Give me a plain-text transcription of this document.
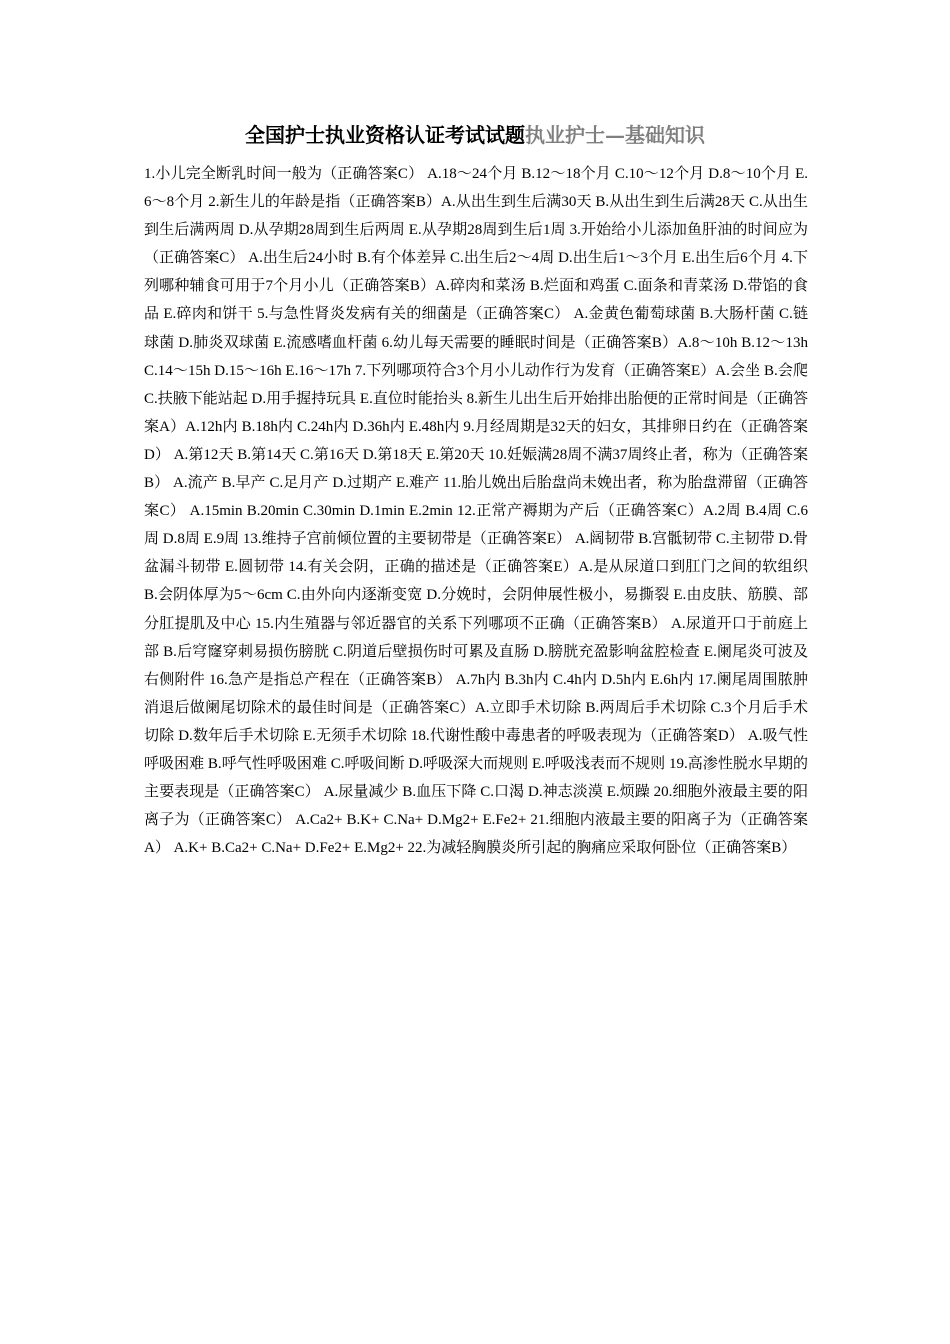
全国护士执业资格认证考试试题执业护士—基础知识

1.小儿完全断乳时间一般为（正确答案C） A.18～24个月 B.12～18个月 C.10～12个月 D.8～10个月 E.6～8个月 2.新生儿的年龄是指（正确答案B）A.从出生到生后满30天 B.从出生到生后满28天 C.从出生到生后满两周 D.从孕期28周到生后两周 E.从孕期28周到生后1周 3.开始给小儿添加鱼肝油的时间应为（正确答案C） A.出生后24小时 B.有个体差异 C.出生后2～4周 D.出生后1～3个月 E.出生后6个月 4.下列哪种辅食可用于7个月小儿（正确答案B）A.碎肉和菜汤 B.烂面和鸡蛋 C.面条和青菜汤 D.带馅的食品 E.碎肉和饼干 5.与急性肾炎发病有关的细菌是（正确答案C） A.金黄色葡萄球菌 B.大肠杆菌 C.链球菌 D.肺炎双球菌 E.流感嗜血杆菌 6.幼儿每天需要的睡眠时间是（正确答案B）A.8～10h B.12～13h C.14～15h D.15～16h E.16～17h 7.下列哪项符合3个月小儿动作行为发育（正确答案E）A.会坐 B.会爬 C.扶腋下能站起 D.用手握持玩具 E.直位时能抬头 8.新生儿出生后开始排出胎便的正常时间是（正确答案A）A.12h内 B.18h内 C.24h内 D.36h内 E.48h内 9.月经周期是32天的妇女，其排卵日约在（正确答案D） A.第12天 B.第14天 C.第16天 D.第18天 E.第20天 10.妊娠满28周不满37周终止者，称为（正确答案B） A.流产 B.早产 C.足月产 D.过期产 E.难产 11.胎儿娩出后胎盘尚未娩出者，称为胎盘滞留（正确答案C） A.15min B.20min C.30min D.1min E.2min 12.正常产褥期为产后（正确答案C）A.2周 B.4周 C.6周 D.8周 E.9周 13.维持子宫前倾位置的主要韧带是（正确答案E） A.阔韧带 B.宫骶韧带 C.主韧带 D.骨盆漏斗韧带 E.圆韧带 14.有关会阴，正确的描述是（正确答案E）A.是从尿道口到肛门之间的软组织 B.会阴体厚为5～6cm C.由外向内逐渐变宽 D.分娩时，会阴伸展性极小，易撕裂 E.由皮肤、筋膜、部分肛提肌及中心 15.内生殖器与邻近器官的关系下列哪项不正确（正确答案B） A.尿道开口于前庭上部 B.后穹窿穿刺易损伤膀胱 C.阴道后壁损伤时可累及直肠 D.膀胱充盈影响盆腔检查 E.阑尾炎可波及右侧附件 16.急产是指总产程在（正确答案B） A.7h内 B.3h内 C.4h内 D.5h内 E.6h内 17.阑尾周围脓肿消退后做阑尾切除术的最佳时间是（正确答案C）A.立即手术切除 B.两周后手术切除 C.3个月后手术切除 D.数年后手术切除 E.无须手术切除 18.代谢性酸中毒患者的呼吸表现为（正确答案D） A.吸气性呼吸困难 B.呼气性呼吸困难 C.呼吸间断 D.呼吸深大而规则 E.呼吸浅表而不规则 19.高渗性脱水早期的主要表现是（正确答案C） A.尿量减少 B.血压下降 C.口渴 D.神志淡漠 E.烦躁 20.细胞外液最主要的阳离子为（正确答案C） A.Ca2+ B.K+ C.Na+ D.Mg2+ E.Fe2+ 21.细胞内液最主要的阳离子为（正确答案A） A.K+ B.Ca2+ C.Na+ D.Fe2+ E.Mg2+ 22.为减轻胸膜炎所引起的胸痛应采取何卧位（正确答案B）
